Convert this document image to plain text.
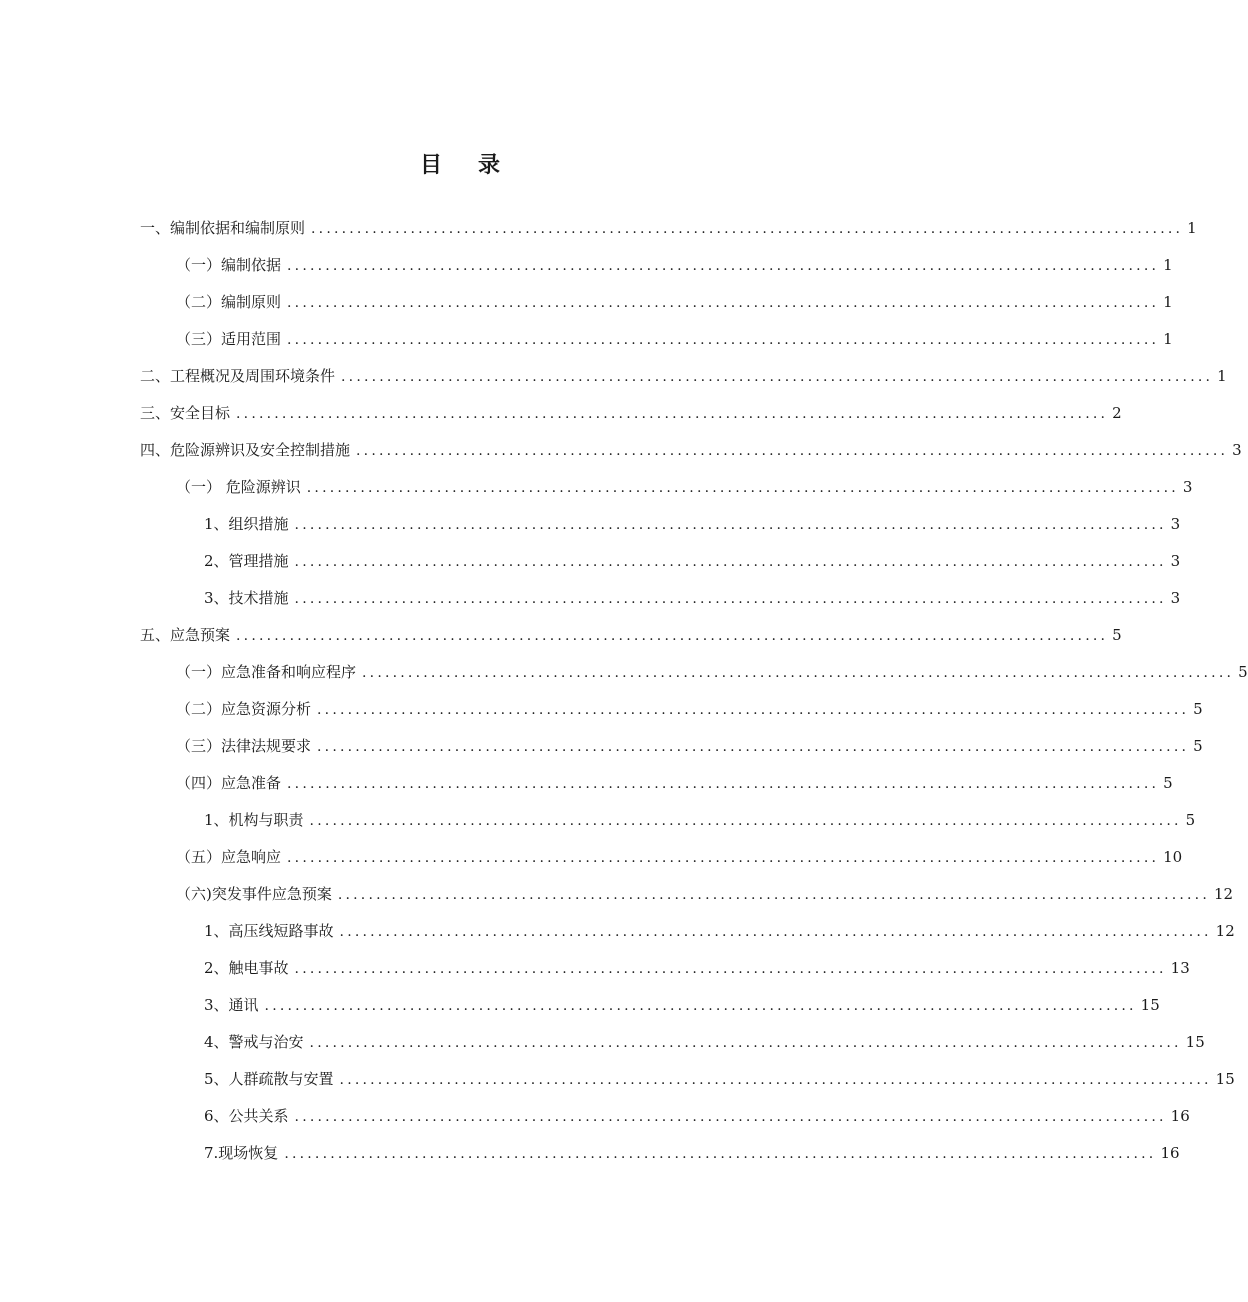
目 录
一、 编制依据和编制原则 .................................................................................................................. 1
（一）编制依据 .................................................................................................................. 1
（二）编制原则 .................................................................................................................. 1
（三）适用范围 .................................................................................................................. 1
二、 工程概况及周围环境条件 .................................................................................................................. 1
三、 安全目标 .................................................................................................................. 2
四、 危险源辨识及安全控制措施 .................................................................................................................. 3
（一） 危险源辨识 .................................................................................................................. 3
1、组织措施 .................................................................................................................. 3
2、管理措施 .................................................................................................................. 3
3、技术措施 .................................................................................................................. 3
五、 应急预案 .................................................................................................................. 5
（一）应急准备和响应程序 .................................................................................................................. 5
（二）应急资源分析 .................................................................................................................. 5
（三）法律法规要求 .................................................................................................................. 5
（四）应急准备 .................................................................................................................. 5
1、机构与职责 .................................................................................................................. 5
（五）应急响应 .................................................................................................................. 10
（六)突发事件应急预案 .................................................................................................................. 12
1、高压线短路事故 .................................................................................................................. 12
2、触电事故 .................................................................................................................. 13
3、通讯 .................................................................................................................. 15
4、警戒与治安 .................................................................................................................. 15
5、人群疏散与安置 .................................................................................................................. 15
6、公共关系 .................................................................................................................. 16
7.现场恢复 .................................................................................................................. 16
